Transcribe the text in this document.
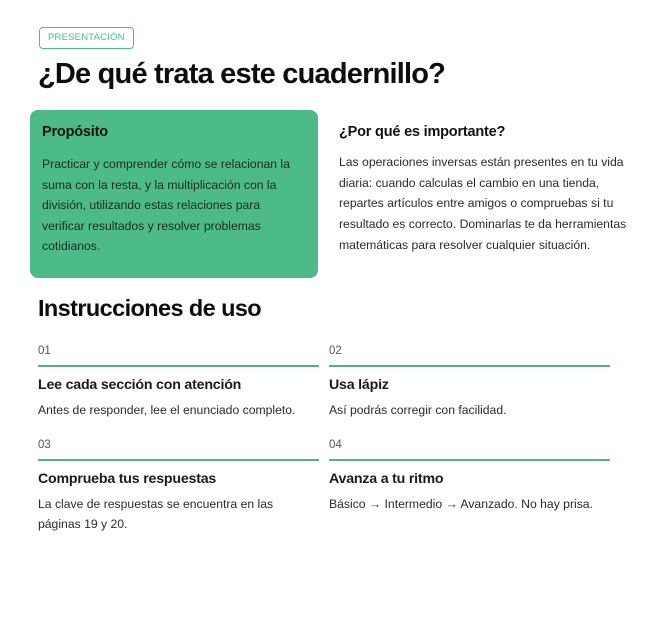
PRESENTACIÓN
¿De qué trata este cuadernillo?
Propósito

Practicar y comprender cómo se relacionan la suma con la resta, y la multiplicación con la división, utilizando estas relaciones para verificar resultados y resolver problemas cotidianos.

¿Por qué es importante?

Las operaciones inversas están presentes en tu vida diaria: cuando calculas el cambio en una tienda, repartes artículos entre amigos o compruebas si tu resultado es correcto. Dominarlas te da herramientas matemáticas para resolver cualquier situación.

Instrucciones de uso
01
Lee cada sección con atención

Antes de responder, lee el enunciado completo.

02
Usa lápiz

Así podrás corregir con facilidad.

03
Comprueba tus respuestas

La clave de respuestas se encuentra en las páginas 19 y 20.

04
Avanza a tu ritmo

Básico → Intermedio → Avanzado. No hay prisa.
